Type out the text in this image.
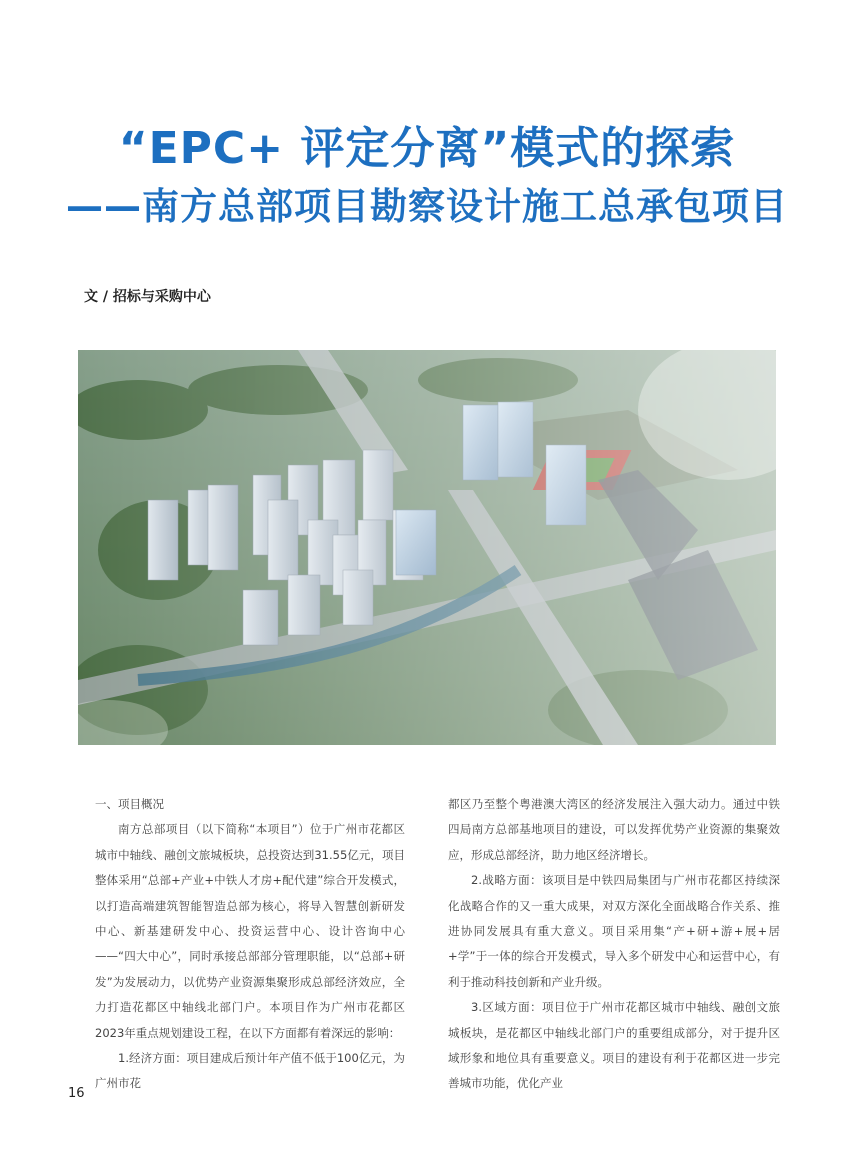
“EPC+ 评定分离”模式的探索
——南方总部项目勘察设计施工总承包项目
文 / 招标与采购中心

一、项目概况

南方总部项目（以下简称“本项目”）位于广州市花都区城市中轴线、融创文旅城板块，总投资达到31.55亿元，项目整体采用“总部+产业+中铁人才房+配代建”综合开发模式，以打造高端建筑智能智造总部为核心，将导入智慧创新研发中心、新基建研发中心、投资运营中心、设计咨询中心——“四大中心”，同时承接总部部分管理职能，以“总部+研发”为发展动力，以优势产业资源集聚形成总部经济效应，全力打造花都区中轴线北部门户。本项目作为广州市花都区2023年重点规划建设工程，在以下方面都有着深远的影响：

1.经济方面：项目建成后预计年产值不低于100亿元，为广州市花

都区乃至整个粤港澳大湾区的经济发展注入强大动力。通过中铁四局南方总部基地项目的建设，可以发挥优势产业资源的集聚效应，形成总部经济，助力地区经济增长。

2.战略方面：该项目是中铁四局集团与广州市花都区持续深化战略合作的又一重大成果，对双方深化全面战略合作关系、推进协同发展具有重大意义。项目采用集“产+研+游+展+居+学”于一体的综合开发模式，导入多个研发中心和运营中心，有利于推动科技创新和产业升级。

3.区域方面：项目位于广州市花都区城市中轴线、融创文旅城板块，是花都区中轴线北部门户的重要组成部分，对于提升区域形象和地位具有重要意义。项目的建设有利于花都区进一步完善城市功能，优化产业

16
